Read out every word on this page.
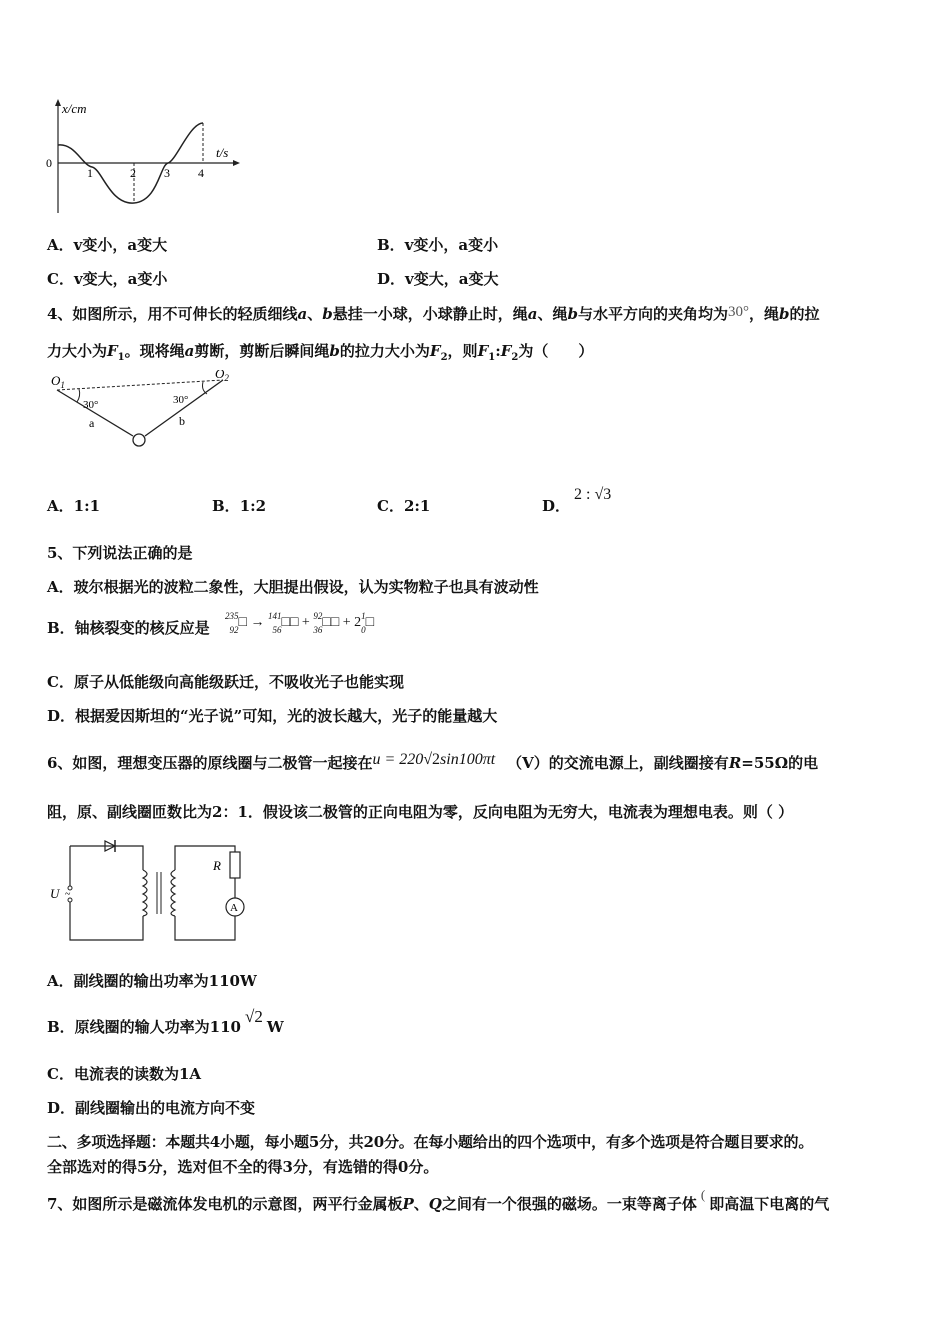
x/cm
t/s
0
1	2 3 4
A．v变小，a变大	B．v变小，a变小
C．v变大，a变小	D．v变大，a变大
4、如图所示，用不可伸长的轻质细线a、b悬挂一小球，小球静止时，绳a、绳b与水平方向的夹角均为30°，绳b的拉
力大小为$F_1$。现将绳a剪断，剪断后瞬间绳b的拉力大小为$F_2$，则$F_1:F_2$为（　　）
$O_1$
$O_2$
30°	30°
a	b
A．1:1	B．1:2	C．2:1	D．
2 : √3
5、下列说法正确的是
A．玻尔根据光的波粒二象性，大胆提出假设，认为实物粒子也具有波动性
B．铀核裂变的核反应是
235
92 □ → 141
56 □□ + 92
36 □□ + 2 1
0 □
C．原子从低能级向高能级跃迁，不吸收光子也能实现
D．根据爱因斯坦的“光子说”可知，光的波长越大，光子的能量越大
6、如图，理想变压器的原线圈与二极管一起接在u = 220√2sin100πt （V）的交流电源上，副线圈接有R=55Ω的电
阻，原、副线圈匝数比为2：1．假设该二极管的正向电阻为零，反向电阻为无穷大，电流表为理想电表。则（ ）
~
U
A
R
A．副线圈的输出功率为110W
B．原线圈的输人功率为110√2W
C．电流表的读数为1A
D．副线圈输出的电流方向不变
二、多项选择题：本题共4小题，每小题5分，共20分。在每小题给出的四个选项中，有多个选项是符合题目要求的。
全部选对的得5分，选对但不全的得3分，有选错的得0分。
7、如图所示是磁流体发电机的示意图，两平行金属板P、Q之间有一个很强的磁场。一束等离子体(即高温下电离的气
